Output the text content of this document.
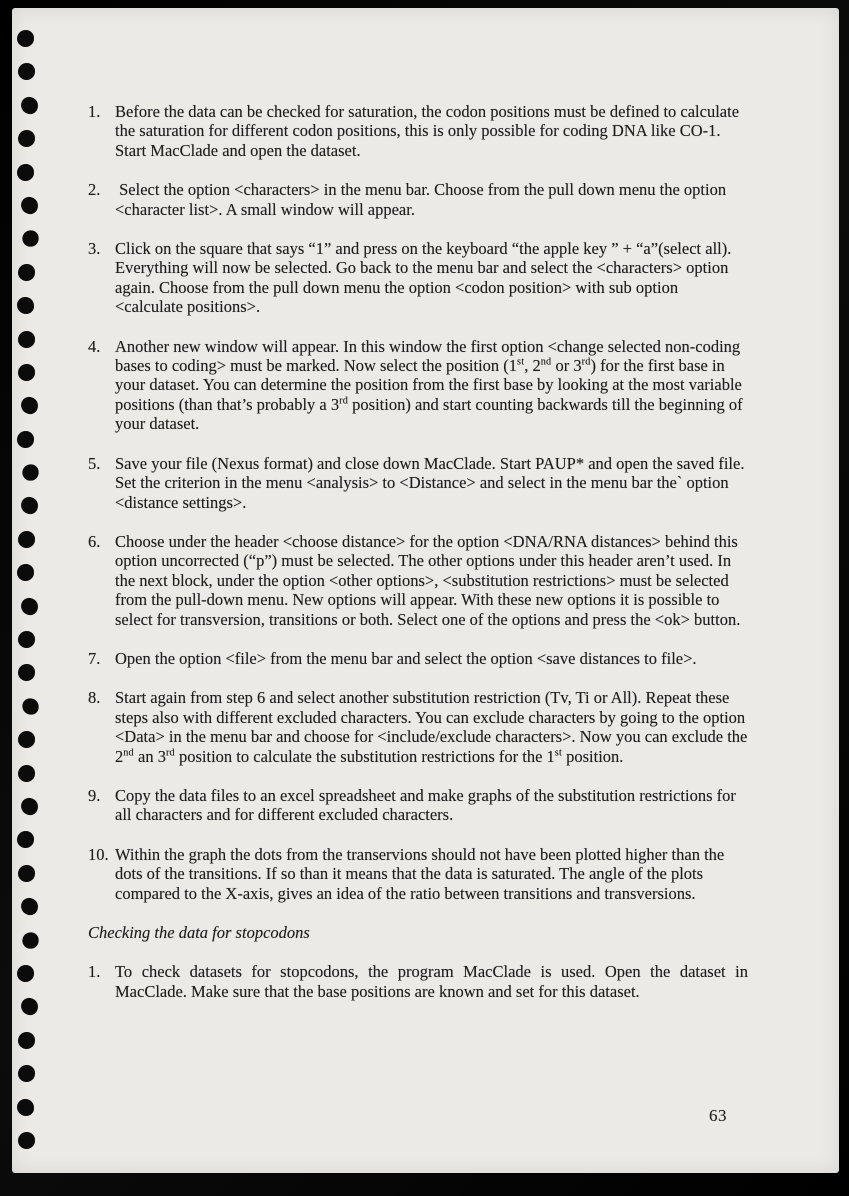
1. Before the data can be checked for saturation, the codon positions must be defined to calculate the saturation for different codon positions, this is only possible for coding DNA like CO-1. Start MacClade and open the dataset.
2. Select the option <characters> in the menu bar. Choose from the pull down menu the option <character list>. A small window will appear.
3. Click on the square that says “1” and press on the keyboard “the apple key ” + “a”(select all). Everything will now be selected. Go back to the menu bar and select the <characters> option again. Choose from the pull down menu the option <codon position> with sub option <calculate positions>.
4. Another new window will appear. In this window the first option <change selected non-coding bases to coding> must be marked. Now select the position (1st, 2nd or 3rd) for the first base in your dataset. You can determine the position from the first base by looking at the most variable positions (than that’s probably a 3rd position) and start counting backwards till the beginning of your dataset.
5. Save your file (Nexus format) and close down MacClade. Start PAUP* and open the saved file. Set the criterion in the menu <analysis> to <Distance> and select in the menu bar the` option <distance settings>.
6. Choose under the header <choose distance> for the option <DNA/RNA distances> behind this option uncorrected (“p”) must be selected. The other options under this header aren’t used. In the next block, under the option <other options>, <substitution restrictions> must be selected from the pull-down menu. New options will appear. With these new options it is possible to select for transversion, transitions or both. Select one of the options and press the <ok> button.
7. Open the option <file> from the menu bar and select the option <save distances to file>.
8. Start again from step 6 and select another substitution restriction (Tv, Ti or All). Repeat these steps also with different excluded characters. You can exclude characters by going to the option <Data> in the menu bar and choose for <include/exclude characters>. Now you can exclude the 2nd an 3rd position to calculate the substitution restrictions for the 1st position.
9. Copy the data files to an excel spreadsheet and make graphs of the substitution restrictions for all characters and for different excluded characters.
10. Within the graph the dots from the transervions should not have been plotted higher than the dots of the transitions. If so than it means that the data is saturated. The angle of the plots compared to the X-axis, gives an idea of the ratio between transitions and transversions.
Checking the data for stopcodons
1. To check datasets for stopcodons, the program MacClade is used. Open the dataset in MacClade. Make sure that the base positions are known and set for this dataset.
63
